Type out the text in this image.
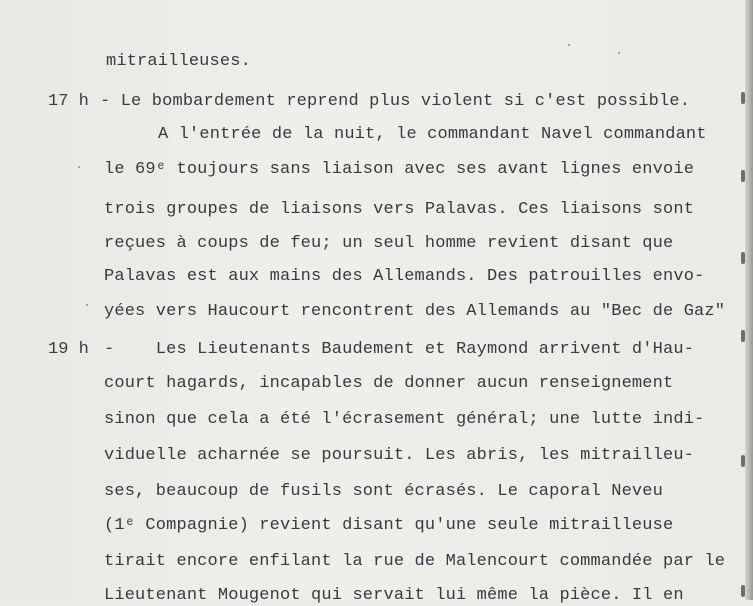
mitrailleuses.
17 h - Le bombardement reprend plus violent si c'est possible.
A l'entrée de la nuit, le commandant Navel commandant
le 69ᵉ toujours sans liaison avec ses avant lignes envoie
trois groupes de liaisons vers Palavas. Ces liaisons sont
reçues à coups de feu; un seul homme revient disant que
Palavas est aux mains des Allemands. Des patrouilles envo-
yées vers Haucourt rencontrent des Allemands au "Bec de Gaz"
19 h -    Les Lieutenants Baudement et Raymond arrivent d'Hau-
court hagards, incapables de donner aucun renseignement
sinon que cela a été l'écrasement général; une lutte indi-
viduelle acharnée se poursuit. Les abris, les mitrailleu-
ses, beaucoup de fusils sont écrasés. Le caporal Neveu
(1ᵉ Compagnie) revient disant qu'une seule mitrailleuse
tirait encore enfilant la rue de Malencourt commandée par le
Lieutenant Mougenot qui servait lui même la pièce. Il en
